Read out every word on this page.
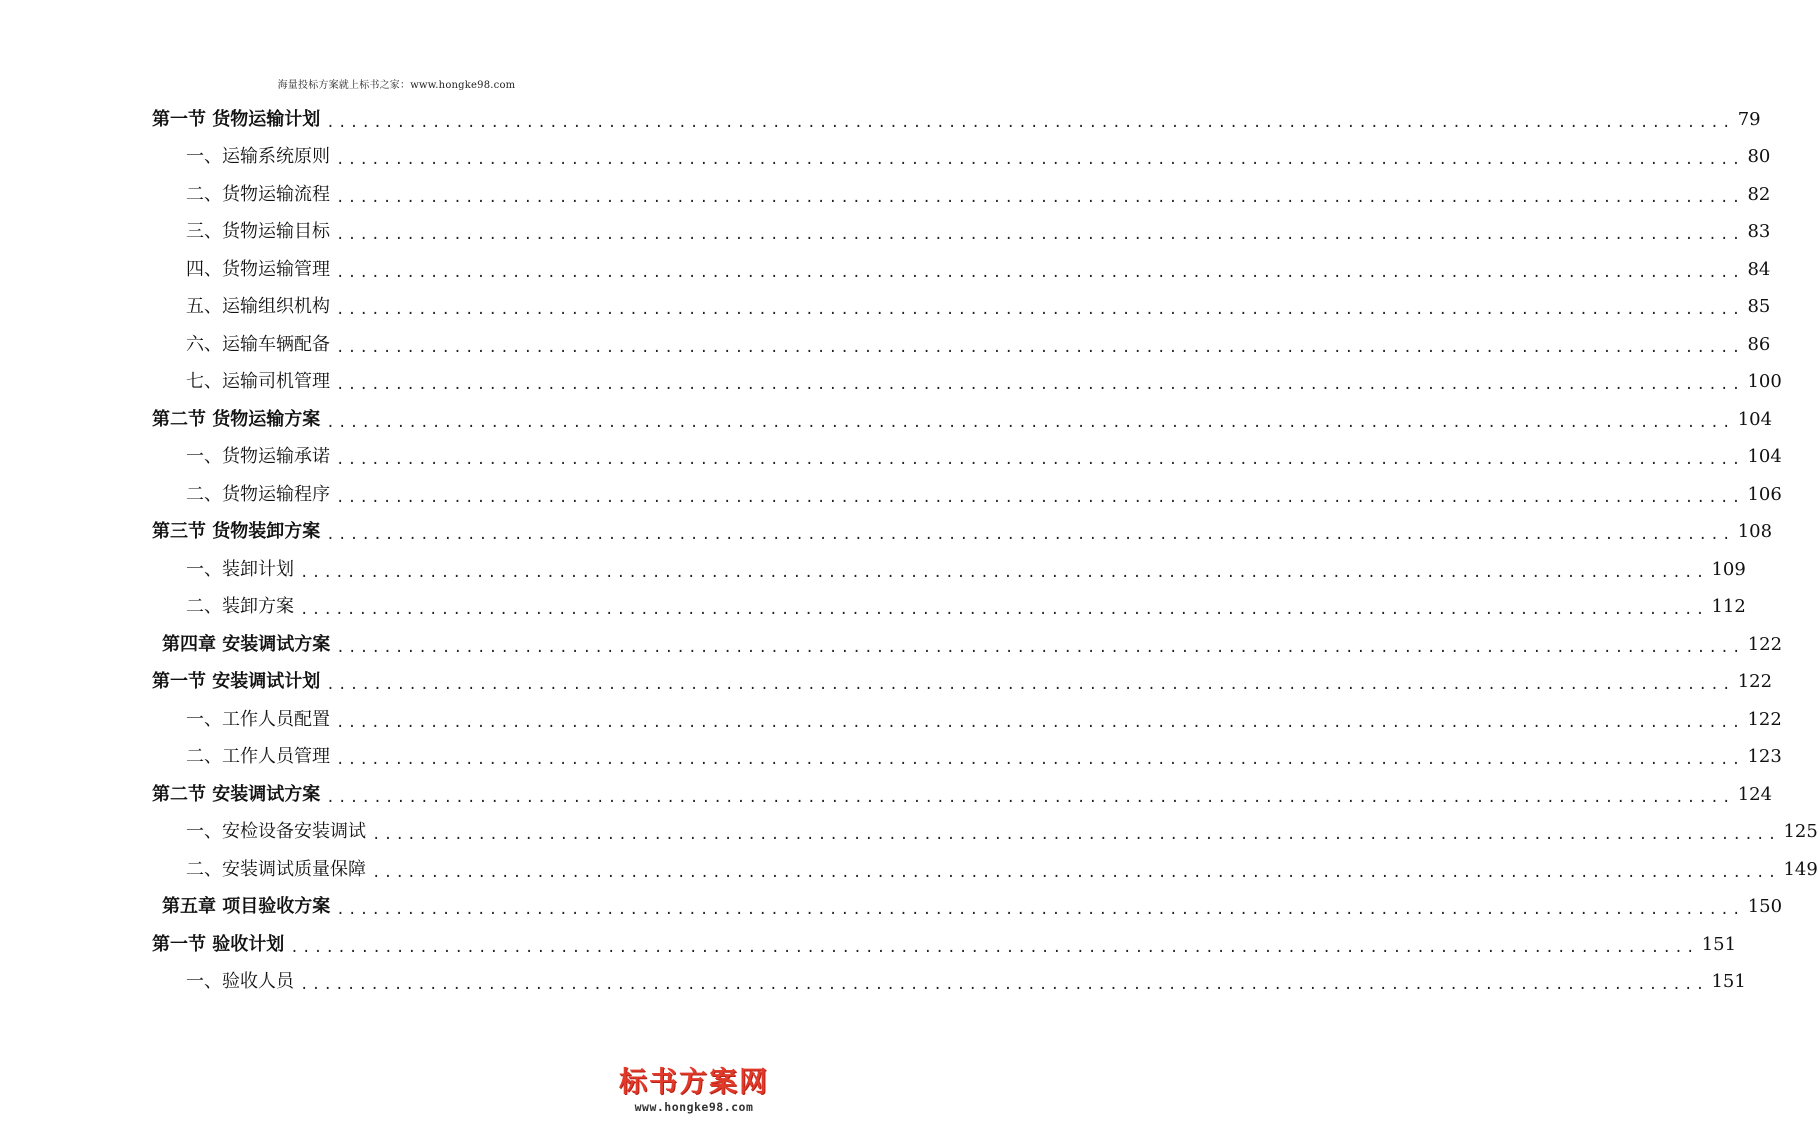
海量投标方案就上标书之家：www.hongke98.com
第一节 货物运输计划 ........................................................................................................................ 79
一、运输系统原则 ........................................................................................................................ 80
二、货物运输流程 ........................................................................................................................ 82
三、货物运输目标 ........................................................................................................................ 83
四、货物运输管理 ........................................................................................................................ 84
五、运输组织机构 ........................................................................................................................ 85
六、运输车辆配备 ........................................................................................................................ 86
七、运输司机管理 ........................................................................................................................ 100
第二节 货物运输方案 ........................................................................................................................ 104
一、货物运输承诺 ........................................................................................................................ 104
二、货物运输程序 ........................................................................................................................ 106
第三节 货物装卸方案 ........................................................................................................................ 108
一、装卸计划 ........................................................................................................................ 109
二、装卸方案 ........................................................................................................................ 112
第四章 安装调试方案 ........................................................................................................................ 122
第一节 安装调试计划 ........................................................................................................................ 122
一、工作人员配置 ........................................................................................................................ 122
二、工作人员管理 ........................................................................................................................ 123
第二节 安装调试方案 ........................................................................................................................ 124
一、安检设备安装调试 ........................................................................................................................ 125
二、安装调试质量保障 ........................................................................................................................ 149
第五章 项目验收方案 ........................................................................................................................ 150
第一节 验收计划 ........................................................................................................................ 151
一、验收人员 ........................................................................................................................ 151
标书方案网
www.hongke98.com
